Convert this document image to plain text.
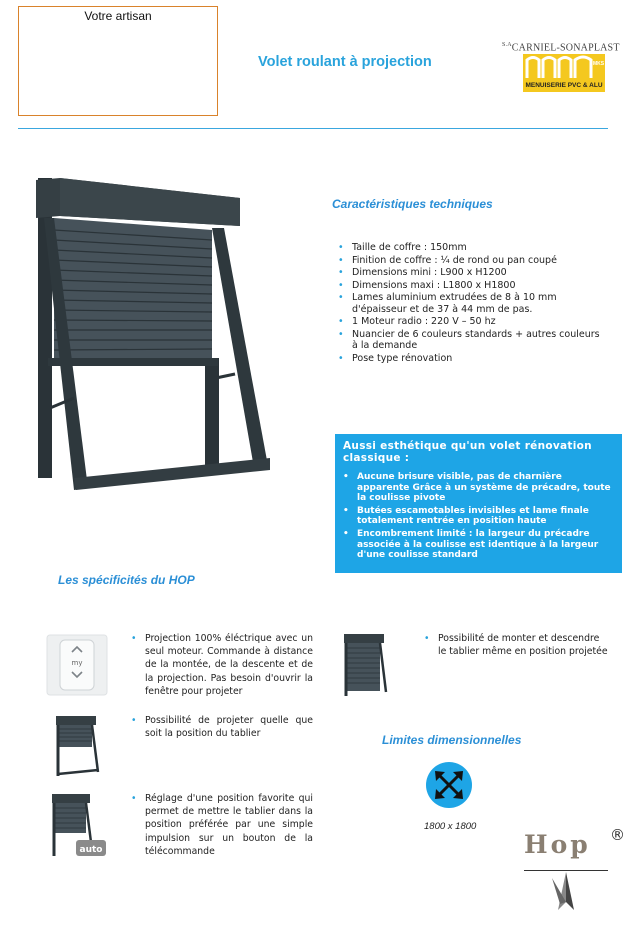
Votre artisan
Volet roulant à projection
$^{S.A}$CARNIEL-SONAPLAST
MKS
MENUISERIE PVC & ALU
Caractéristiques techniques
• Taille de coffre : 150mm
• Finition de coffre : ¼ de rond ou pan coupé
• Dimensions mini : L900 x H1200
• Dimensions maxi : L1800 x H1800
• Lames aluminium extrudées de 8 à 10 mm d'épaisseur et de 37 à 44 mm de pas.
• 1 Moteur radio : 220 V – 50 hz
• Nuancier de 6 couleurs standards + autres couleurs à la demande
• Pose type rénovation
Aussi esthétique qu'un volet rénovation classique :
• Aucune brisure visible, pas de charnière apparente Grâce à un système de précadre, toute la coulisse pivote
• Butées escamotables invisibles et lame finale totalement rentrée en position haute
• Encombrement limité : la largeur du précadre associée à la coulisse est identique à la largeur d'une coulisse standard
Les spécificités du HOP
my
• Projection 100% éléctrique avec un seul moteur. Commande à distance de la montée, de la descente et de la projection. Pas besoin d'ouvrir la fenêtre pour projeter
• Possibilité de projeter quelle que soit la position du tablier
auto
• Réglage d'une position favorite qui permet de mettre le tablier dans la position préférée par une simple impulsion sur un bouton de la télécommande
• Possibilité de monter et descendre le tablier même en position projetée
Limites dimensionnelles
1800 x 1800
Hop ®
